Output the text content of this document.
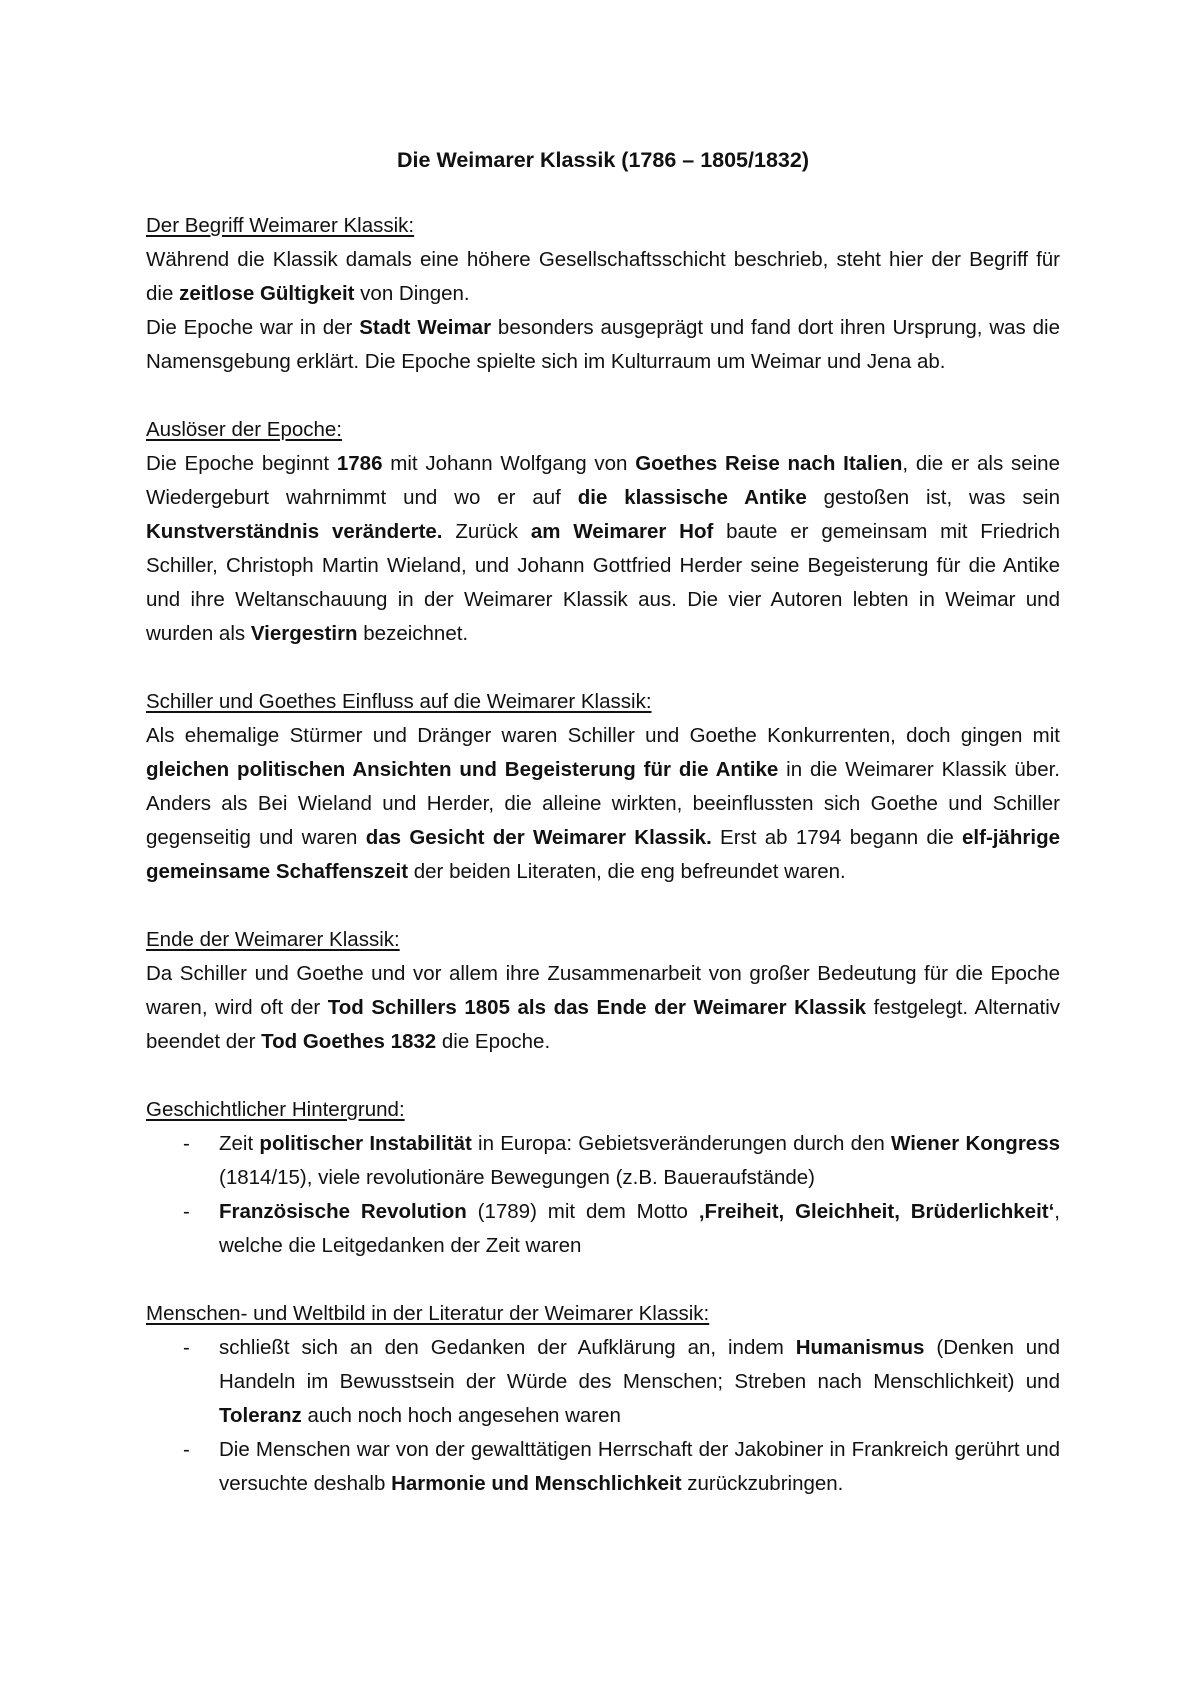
Die Weimarer Klassik (1786 – 1805/1832)

Der Begriff Weimarer Klassik:

Während die Klassik damals eine höhere Gesellschaftsschicht beschrieb, steht hier der Begriff für die zeitlose Gültigkeit von Dingen.

Die Epoche war in der Stadt Weimar besonders ausgeprägt und fand dort ihren Ursprung, was die Namensgebung erklärt. Die Epoche spielte sich im Kulturraum um Weimar und Jena ab.

Auslöser der Epoche:

Die Epoche beginnt 1786 mit Johann Wolfgang von Goethes Reise nach Italien, die er als seine Wiedergeburt wahrnimmt und wo er auf die klassische Antike gestoßen ist, was sein Kunstverständnis veränderte. Zurück am Weimarer Hof baute er gemeinsam mit Friedrich Schiller, Christoph Martin Wieland, und Johann Gottfried Herder seine Begeisterung für die Antike und ihre Weltanschauung in der Weimarer Klassik aus. Die vier Autoren lebten in Weimar und wurden als Viergestirn bezeichnet.

Schiller und Goethes Einfluss auf die Weimarer Klassik:

Als ehemalige Stürmer und Dränger waren Schiller und Goethe Konkurrenten, doch gingen mit gleichen politischen Ansichten und Begeisterung für die Antike in die Weimarer Klassik über. Anders als Bei Wieland und Herder, die alleine wirkten, beeinflussten sich Goethe und Schiller gegenseitig und waren das Gesicht der Weimarer Klassik. Erst ab 1794 begann die elf-jährige gemeinsame Schaffenszeit der beiden Literaten, die eng befreundet waren.

Ende der Weimarer Klassik:

Da Schiller und Goethe und vor allem ihre Zusammenarbeit von großer Bedeutung für die Epoche waren, wird oft der Tod Schillers 1805 als das Ende der Weimarer Klassik festgelegt. Alternativ beendet der Tod Goethes 1832 die Epoche.

Geschichtlicher Hintergrund:

- Zeit politischer Instabilität in Europa: Gebietsveränderungen durch den Wiener Kongress (1814/15), viele revolutionäre Bewegungen (z.B. Baueraufstände)
- Französische Revolution (1789) mit dem Motto ‚Freiheit, Gleichheit, Brüderlichkeit‘, welche die Leitgedanken der Zeit waren

Menschen- und Weltbild in der Literatur der Weimarer Klassik:

- schließt sich an den Gedanken der Aufklärung an, indem Humanismus (Denken und Handeln im Bewusstsein der Würde des Menschen; Streben nach Menschlichkeit) und Toleranz auch noch hoch angesehen waren
- Die Menschen war von der gewalttätigen Herrschaft der Jakobiner in Frankreich gerührt und versuchte deshalb Harmonie und Menschlichkeit zurückzubringen.
